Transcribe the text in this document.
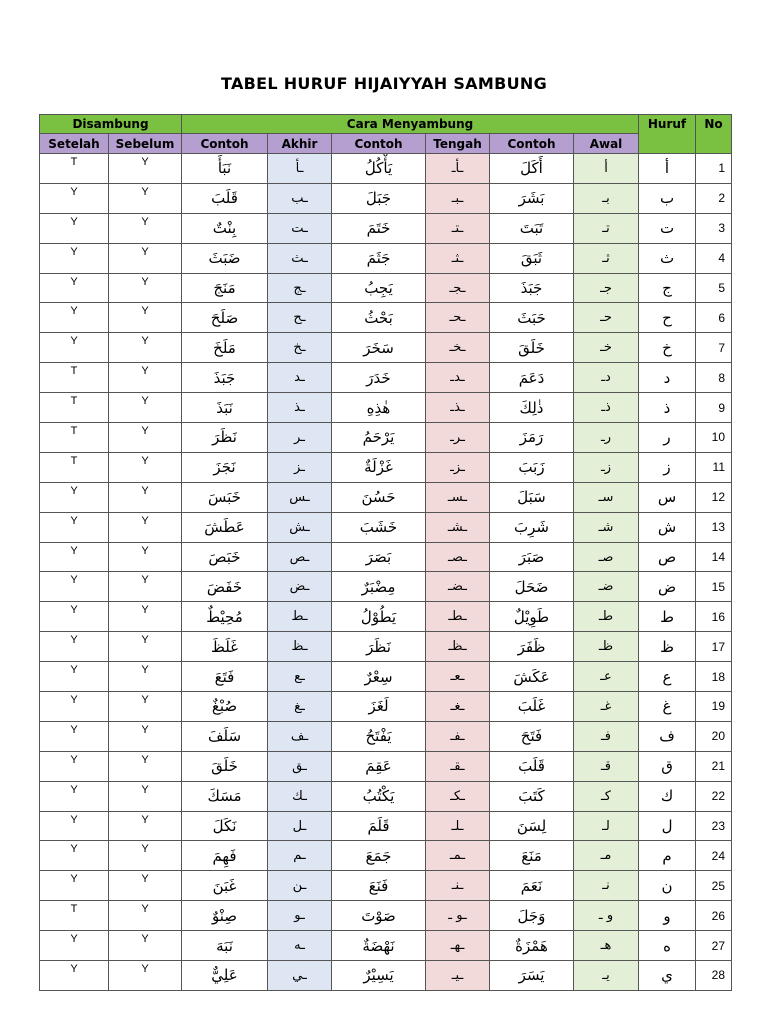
TABEL HURUF HIJAIYYAH SAMBUNG
Disambung		Cara Menyambung						Huruf	No
Setelah	Sebelum	Contoh	Akhir	Contoh	Tengah	Contoh	Awal		
T	Y	نَبَأَ	ـأ	يَأْكُلُ	ـأـ	أَكَلَ	أ	أ	1
Y	Y	قَلَبَ	ـب	جَبَلَ	ـبـ	بَشَرَ	بـ	ب	2
Y	Y	بِنْتٌ	ـت	خَتَمَ	ـتـ	تَبَتَ	تـ	ت	3
Y	Y	ضَبَثَ	ـث	جَثَمَ	ـثـ	ثَبَقَ	ثـ	ث	4
Y	Y	مَنَجَ	ـج	يَجِبُ	ـجـ	جَبَذَ	جـ	ج	5
Y	Y	صَلَحَ	ـح	بَحْثُ	ـحـ	حَبَثَ	حـ	ح	6
Y	Y	مَلَخَ	ـخ	سَخَرَ	ـخـ	خَلَقَ	خـ	خ	7
T	Y	جَبَذَ	ـد	خَدَرَ	ـدـ	دَعَمَ	دـ	د	8
T	Y	نَبَذَ	ـذ	هٰذِهِ	ـذـ	ذٰلِكَ	ذـ	ذ	9
T	Y	نَظَرَ	ـر	يَرْحَمُ	ـرـ	رَمَزَ	رـ	ر	10
T	Y	نَجَزَ	ـز	غَزْلَةٌ	ـزـ	زَبَبَ	زـ	ز	11
Y	Y	خَبَسَ	ـس	حَسُنَ	ـسـ	سَبَلَ	سـ	س	12
Y	Y	عَطَشَ	ـش	خَشَبَ	ـشـ	شَرِبَ	شـ	ش	13
Y	Y	خَبَصَ	ـص	بَصَرَ	ـصـ	صَبَرَ	صـ	ص	14
Y	Y	خَفَضَ	ـض	مِضْبَرٌ	ـضـ	ضَحَلَ	ضـ	ض	15
Y	Y	مُحِيْطٌ	ـط	يَطُوْلُ	ـطـ	طَوِيْلٌ	طـ	ط	16
Y	Y	غَلَظَ	ـظ	نَظَرَ	ـظـ	ظَفَرَ	ظـ	ظ	17
Y	Y	فَتَعَ	ـع	سِعْرٌ	ـعـ	عَكَشَ	عـ	ع	18
Y	Y	صُبْغٌ	ـغ	لَغَزَ	ـغـ	غَلَبَ	غـ	غ	19
Y	Y	سَلَفَ	ـف	يَفْتَحُ	ـفـ	فَتَحَ	فـ	ف	20
Y	Y	خَلَقَ	ـق	عَقِمَ	ـقـ	قَلَبَ	قـ	ق	21
Y	Y	مَسَكَ	ـك	يَكْتُبُ	ـكـ	كَتَبَ	كـ	ك	22
Y	Y	نَكَلَ	ـل	قَلَمَ	ـلـ	لِسَنَ	لـ	ل	23
Y	Y	فَهِمَ	ـم	جَمَعَ	ـمـ	مَنَعَ	مـ	م	24
Y	Y	غَبَنَ	ـن	فَنَعَ	ـنـ	نَعَمَ	نـ	ن	25
T	Y	صِنْوٌ	ـو	صَوْتَ	ـو ـ	وَجَلَ	و ـ	و	26
Y	Y	نَبَهَ	ـه	نَهْضَةٌ	ـهـ	هَمْزَةٌ	هـ	ه	27
Y	Y	عَلِيٌّ	ـي	يَسِيْرٌ	ـيـ	يَسَرَ	يـ	ي	28
